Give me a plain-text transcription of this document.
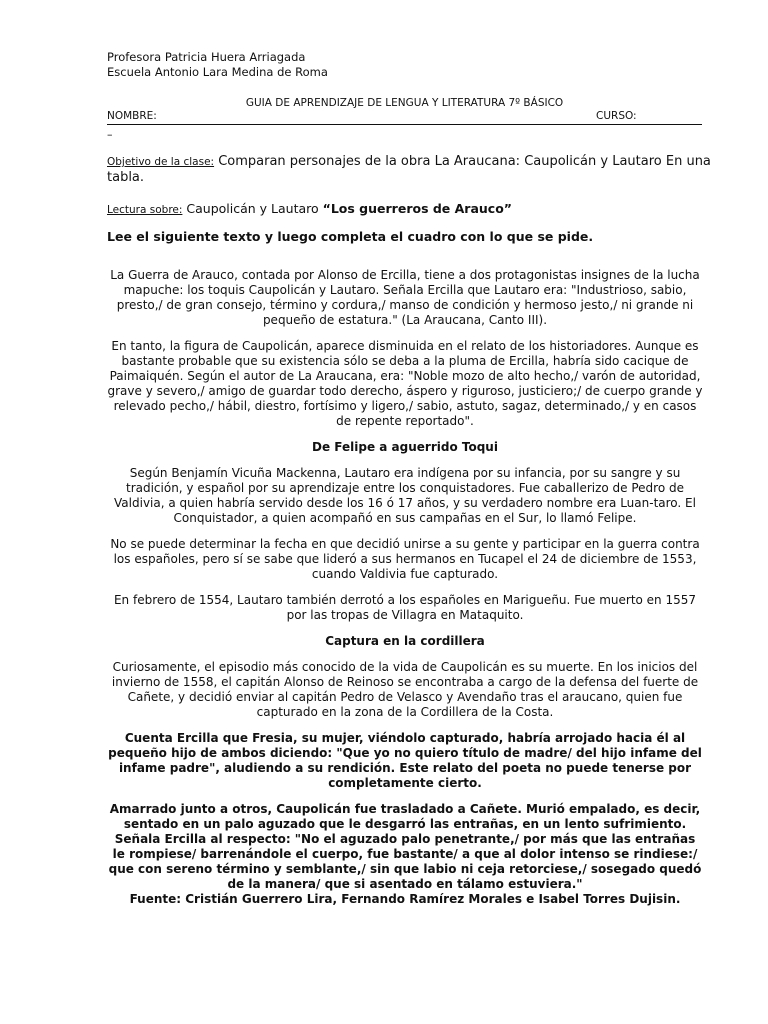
Profesora Patricia Huera Arriagada
Escuela Antonio Lara Medina de Roma
GUIA DE APRENDIZAJE DE LENGUA Y LITERATURA 7º BÁSICO
NOMBRE:	CURSO:
–
Objetivo de la clase: Comparan personajes de la obra La Araucana: Caupolicán y Lautaro En una tabla.
Lectura sobre: Caupolicán y Lautaro “Los guerreros de Arauco”
Lee el siguiente texto y luego completa el cuadro con lo que se pide.

La Guerra de Arauco, contada por Alonso de Ercilla, tiene a dos protagonistas insignes de la lucha mapuche: los toquis Caupolicán y Lautaro. Señala Ercilla que Lautaro era: "Industrioso, sabio, presto,/ de gran consejo, término y cordura,/ manso de condición y hermoso jesto,/ ni grande ni pequeño de estatura." (La Araucana, Canto III).

En tanto, la figura de Caupolicán, aparece disminuida en el relato de los historiadores. Aunque es bastante probable que su existencia sólo se deba a la pluma de Ercilla, habría sido cacique de Paimaiquén. Según el autor de La Araucana, era: "Noble mozo de alto hecho,/ varón de autoridad, grave y severo,/ amigo de guardar todo derecho, áspero y riguroso, justiciero;/ de cuerpo grande y relevado pecho,/ hábil, diestro, fortísimo y ligero,/ sabio, astuto, sagaz, determinado,/ y en casos de repente reportado".

De Felipe a aguerrido Toqui

Según Benjamín Vicuña Mackenna, Lautaro era indígena por su infancia, por su sangre y su tradición, y español por su aprendizaje entre los conquistadores. Fue caballerizo de Pedro de Valdivia, a quien habría servido desde los 16 ó 17 años, y su verdadero nombre era Luan-taro. El Conquistador, a quien acompañó en sus campañas en el Sur, lo llamó Felipe.

No se puede determinar la fecha en que decidió unirse a su gente y participar en la guerra contra los españoles, pero sí se sabe que lideró a sus hermanos en Tucapel el 24 de diciembre de 1553, cuando Valdivia fue capturado.

En febrero de 1554, Lautaro también derrotó a los españoles en Marigueñu. Fue muerto en 1557 por las tropas de Villagra en Mataquito.

Captura en la cordillera

Curiosamente, el episodio más conocido de la vida de Caupolicán es su muerte. En los inicios del invierno de 1558, el capitán Alonso de Reinoso se encontraba a cargo de la defensa del fuerte de Cañete, y decidió enviar al capitán Pedro de Velasco y Avendaño tras el araucano, quien fue capturado en la zona de la Cordillera de la Costa.

Cuenta Ercilla que Fresia, su mujer, viéndolo capturado, habría arrojado hacia él al pequeño hijo de ambos diciendo: "Que yo no quiero título de madre/ del hijo infame del infame padre", aludiendo a su rendición. Este relato del poeta no puede tenerse por completamente cierto.

Amarrado junto a otros, Caupolicán fue trasladado a Cañete. Murió empalado, es decir, sentado en un palo aguzado que le desgarró las entrañas, en un lento sufrimiento. Señala Ercilla al respecto: "No el aguzado palo penetrante,/ por más que las entrañas le rompiese/ barrenándole el cuerpo, fue bastante/ a que al dolor intenso se rindiese:/ que con sereno término y semblante,/ sin que labio ni ceja retorciese,/ sosegado quedó de la manera/ que si asentado en tálamo estuviera."

Fuente: Cristián Guerrero Lira, Fernando Ramírez Morales e Isabel Torres Dujisin.
